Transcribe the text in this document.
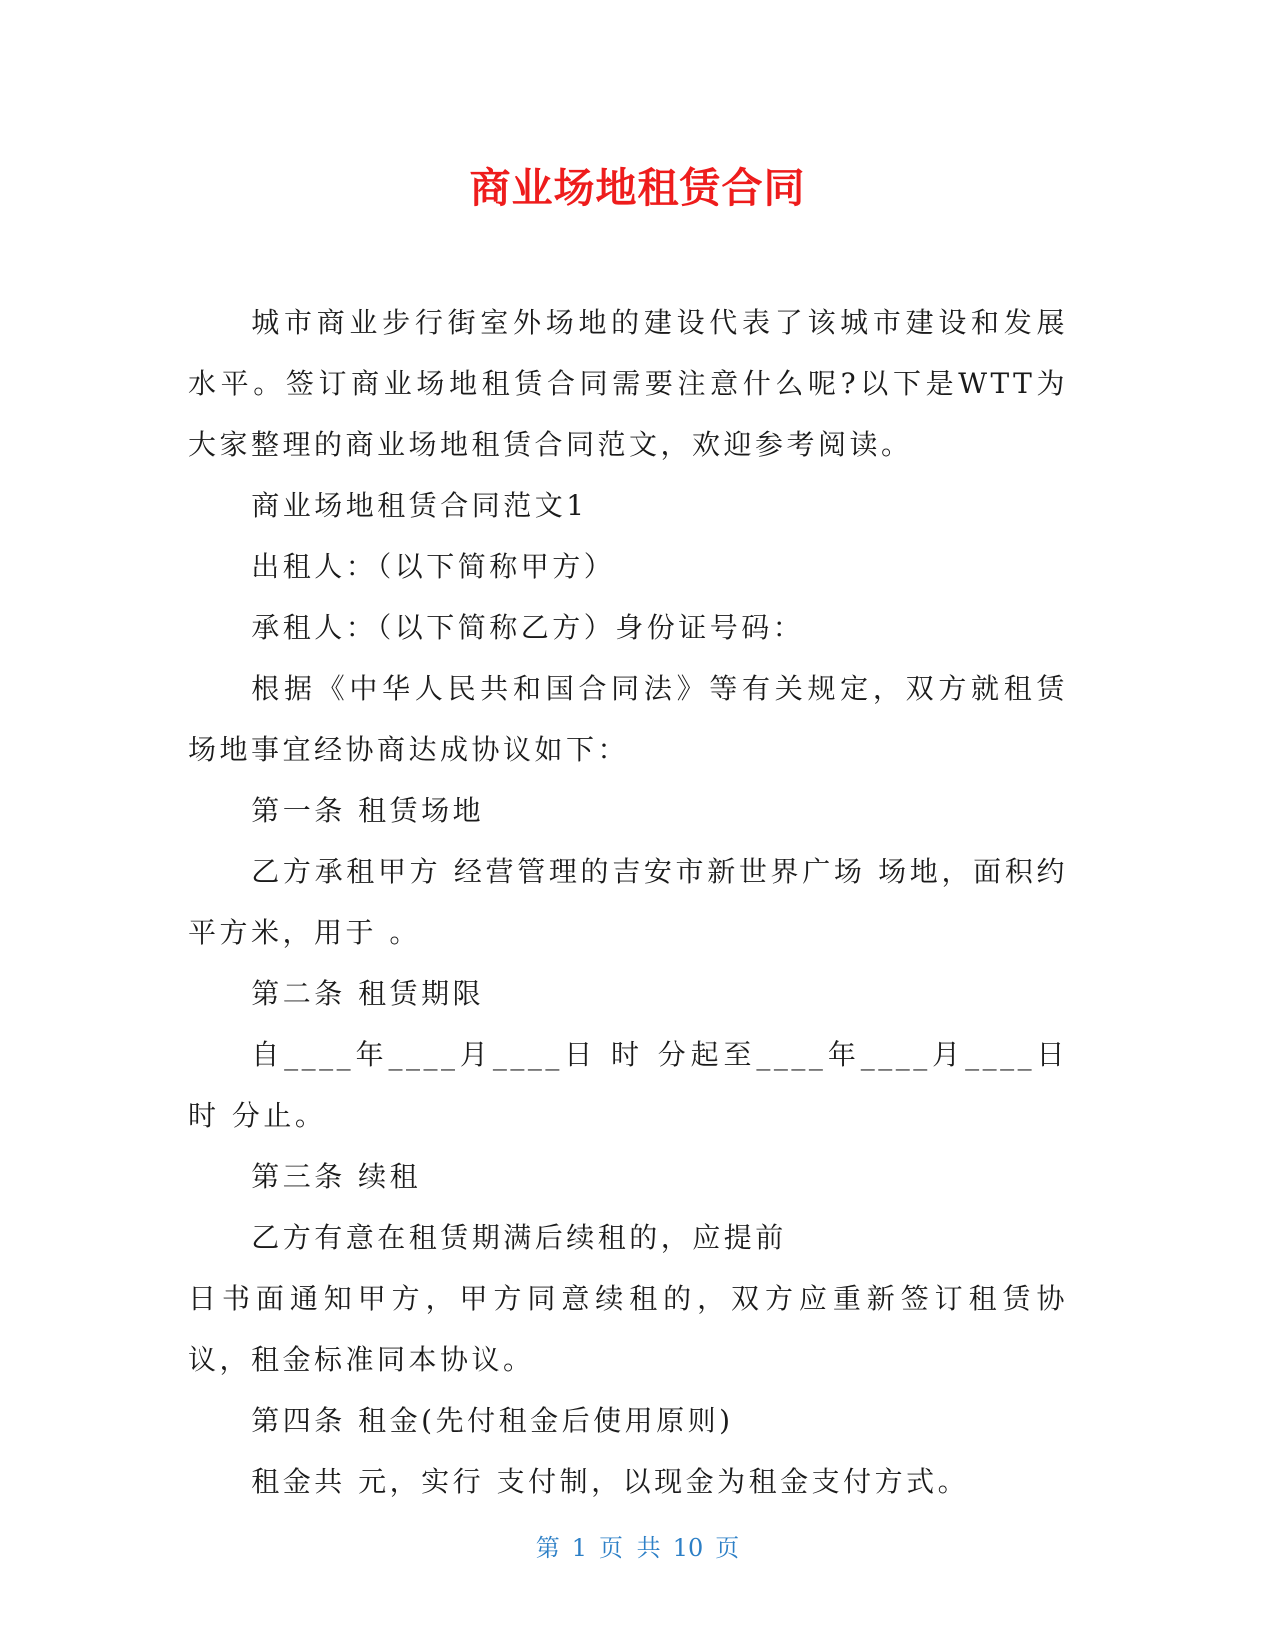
商业场地租赁合同

城市商业步行街室外场地的建设代表了该城市建设和发展水平。签订商业场地租赁合同需要注意什么呢?以下是WTT为大家整理的商业场地租赁合同范文，欢迎参考阅读。

商业场地租赁合同范文1

出租人：（以下简称甲方）

承租人：（以下简称乙方）身份证号码：

根据《中华人民共和国合同法》等有关规定，双方就租赁场地事宜经协商达成协议如下：

第一条 租赁场地

乙方承租甲方 经营管理的吉安市新世界广场 场地，面积约 平方米，用于 。

第二条 租赁期限

自____年____月____日 时 分起至____年____月____日 时 分止。

第三条 续租

乙方有意在租赁期满后续租的，应提前

日书面通知甲方，甲方同意续租的，双方应重新签订租赁协议，租金标准同本协议。

第四条 租金(先付租金后使用原则)

租金共 元，实行 支付制，以现金为租金支付方式。

第 1 页 共 10 页
